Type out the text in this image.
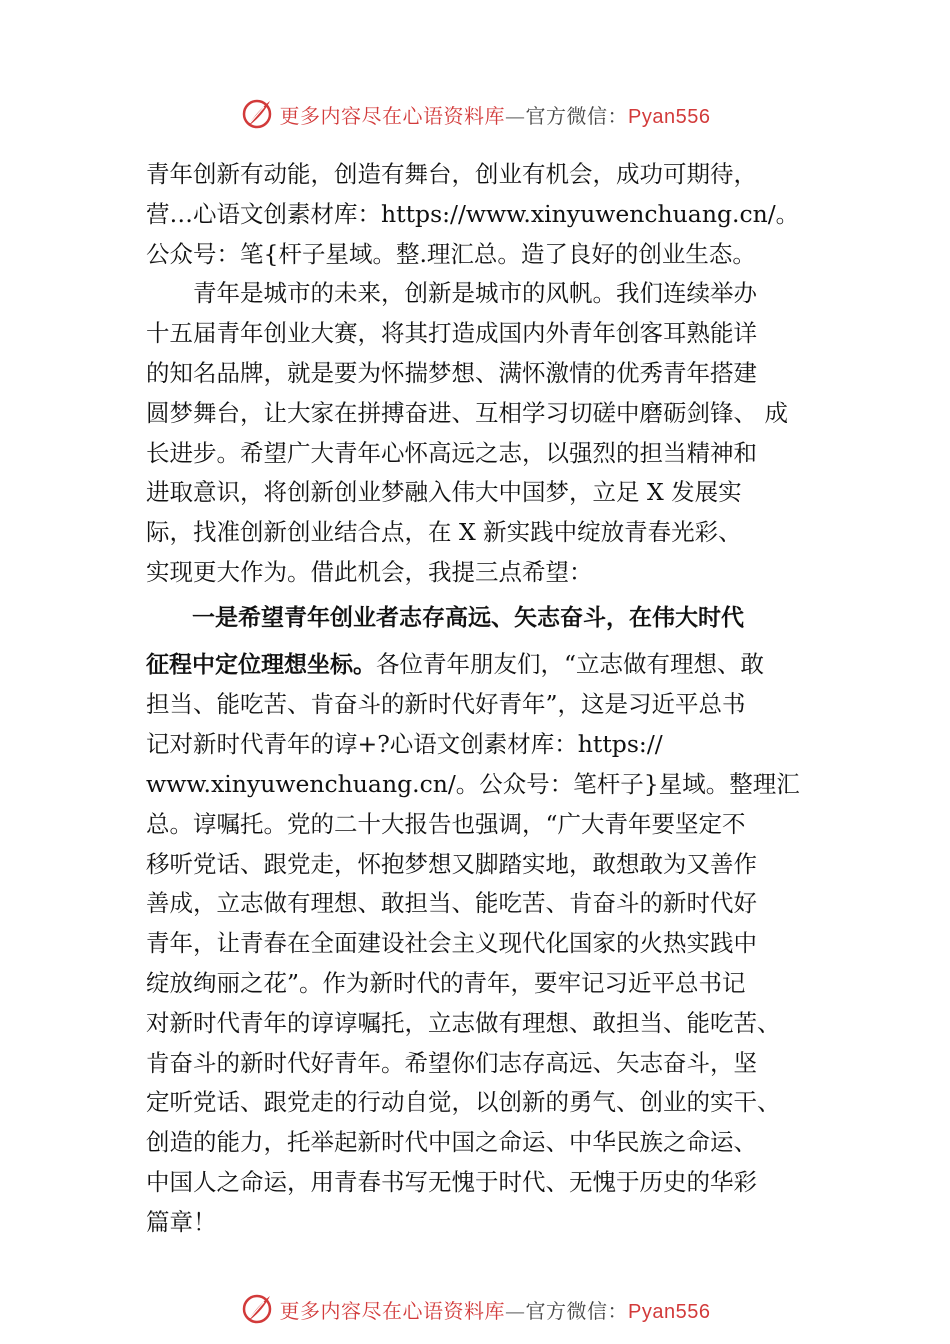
更多内容尽在心语资料库—官方微信：Pyan556

青年创新有动能，创造有舞台，创业有机会，成功可期待，
营…心语文创素材库：https://www.xinyuwenchuang.cn/。
公众号：笔{杆子星域。整.理汇总。造了良好的创业生态。

青年是城市的未来，创新是城市的风帆。我们连续举办
十五届青年创业大赛，将其打造成国内外青年创客耳熟能详
的知名品牌，就是要为怀揣梦想、满怀激情的优秀青年搭建
圆梦舞台，让大家在拼搏奋进、互相学习切磋中磨砺剑锋、 成
长进步。希望广大青年心怀高远之志，以强烈的担当精神和
进取意识，将创新创业梦融入伟大中国梦，立足 X 发展实
际，找准创新创业结合点，在 X 新实践中绽放青春光彩、
实现更大作为。借此机会，我提三点希望：

一是希望青年创业者志存高远、矢志奋斗，在伟大时代
征程中定位理想坐标。各位青年朋友们，“立志做有理想、敢
担当、能吃苦、肯奋斗的新时代好青年”，这是习近平总书
记对新时代青年的谆+?心语文创素材库：https://
www.xinyuwenchuang.cn/。公众号：笔杆子}星域。整理汇
总。谆嘱托。党的二十大报告也强调，“广大青年要坚定不
移听党话、跟党走，怀抱梦想又脚踏实地，敢想敢为又善作
善成，立志做有理想、敢担当、能吃苦、肯奋斗的新时代好
青年，让青春在全面建设社会主义现代化国家的火热实践中
绽放绚丽之花”。作为新时代的青年，要牢记习近平总书记
对新时代青年的谆谆嘱托，立志做有理想、敢担当、能吃苦、
肯奋斗的新时代好青年。希望你们志存高远、矢志奋斗，坚
定听党话、跟党走的行动自觉，以创新的勇气、创业的实干、
创造的能力，托举起新时代中国之命运、中华民族之命运、
中国人之命运，用青春书写无愧于时代、无愧于历史的华彩
篇章！

更多内容尽在心语资料库—官方微信：Pyan556
